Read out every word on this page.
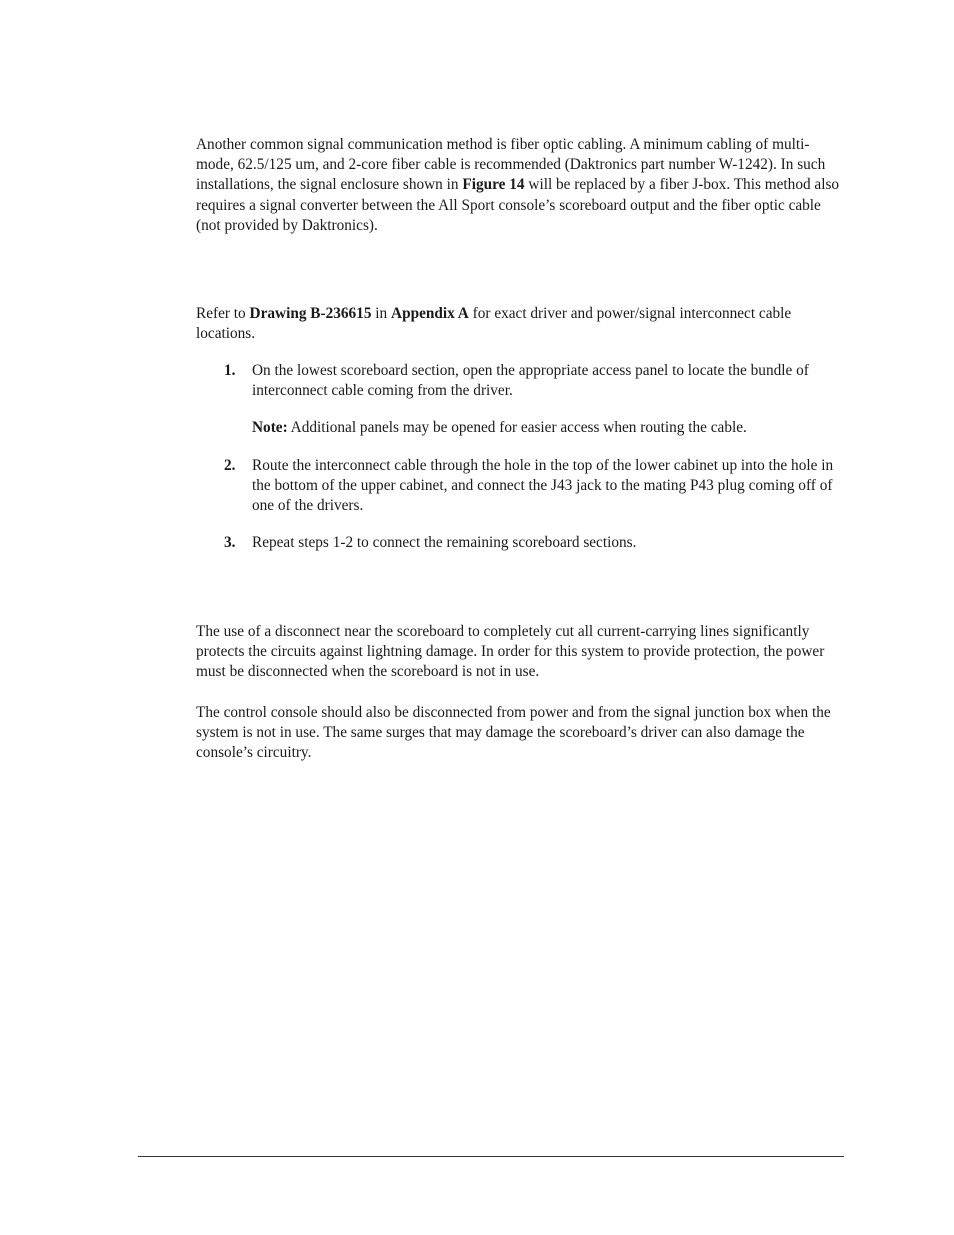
Another common signal communication method is fiber optic cabling. A minimum cabling of multi-mode, 62.5/125 um, and 2-core fiber cable is recommended (Daktronics part number W-1242). In such installations, the signal enclosure shown in Figure 14 will be replaced by a fiber J-box. This method also requires a signal converter between the All Sport console’s scoreboard output and the fiber optic cable (not provided by Daktronics).

Refer to Drawing B-236615 in Appendix A for exact driver and power/signal interconnect cable locations.

1. On the lowest scoreboard section, open the appropriate access panel to locate the bundle of interconnect cable coming from the driver.

Note: Additional panels may be opened for easier access when routing the cable.

2. Route the interconnect cable through the hole in the top of the lower cabinet up into the hole in the bottom of the upper cabinet, and connect the J43 jack to the mating P43 plug coming off of one of the drivers.

3. Repeat steps 1-2 to connect the remaining scoreboard sections.

The use of a disconnect near the scoreboard to completely cut all current-carrying lines significantly protects the circuits against lightning damage. In order for this system to provide protection, the power must be disconnected when the scoreboard is not in use.

The control console should also be disconnected from power and from the signal junction box when the system is not in use. The same surges that may damage the scoreboard’s driver can also damage the console’s circuitry.
